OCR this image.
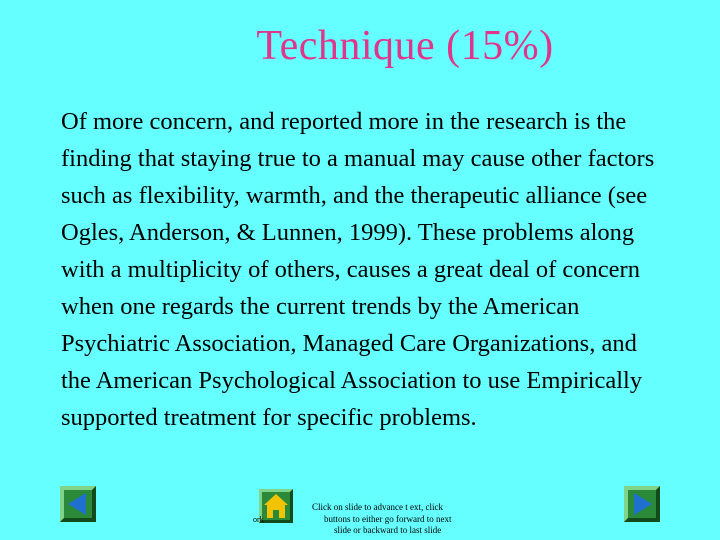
Technique (15%)

Of more concern, and reported more in the research is the finding that staying true to a manual may cause other factors such as flexibility, warmth, and the therapeutic alliance (see Ogles, Anderson, & Lunnen, 1999). These problems along with a multiplicity of others, causes a great deal of concern when one regards the current trends by the American Psychiatric Association, Managed Care Organizations, and the American Psychological Association to use Empirically supported treatment for specific problems.

ork
Click on slide to advance t ext, click
buttons to either go forward to next
slide or backward to last slide
